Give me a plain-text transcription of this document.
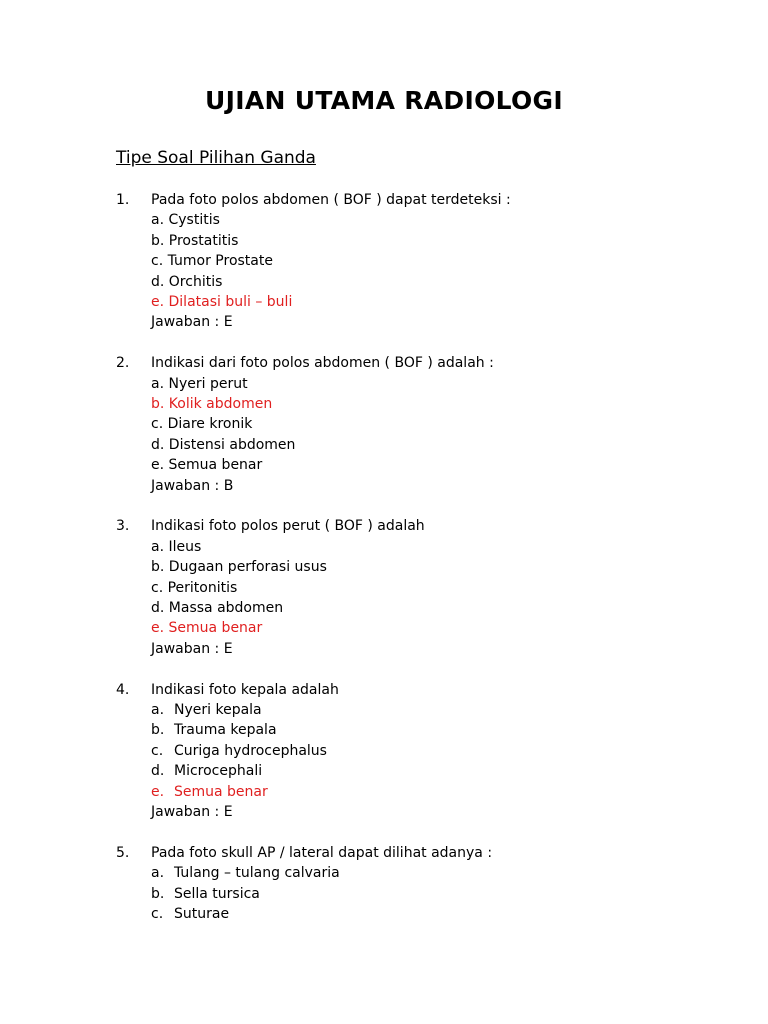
UJIAN UTAMA RADIOLOGI
Tipe Soal Pilihan Ganda
1. Pada foto polos abdomen ( BOF ) dapat terdeteksi :
a. Cystitis
b. Prostatitis
c. Tumor Prostate
d. Orchitis
e. Dilatasi buli – buli
Jawaban : E
2. Indikasi dari foto polos abdomen ( BOF ) adalah :
a. Nyeri perut
b. Kolik abdomen
c. Diare kronik
d. Distensi abdomen
e. Semua benar
Jawaban : B
3. Indikasi foto polos perut ( BOF ) adalah
a. Ileus
b. Dugaan perforasi usus
c. Peritonitis
d. Massa abdomen
e. Semua benar
Jawaban : E
4. Indikasi foto kepala adalah
a. Nyeri kepala
b. Trauma kepala
c. Curiga hydrocephalus
d. Microcephali
e. Semua benar
Jawaban : E
5. Pada foto skull AP / lateral dapat dilihat adanya :
a. Tulang – tulang calvaria
b. Sella tursica
c. Suturae
